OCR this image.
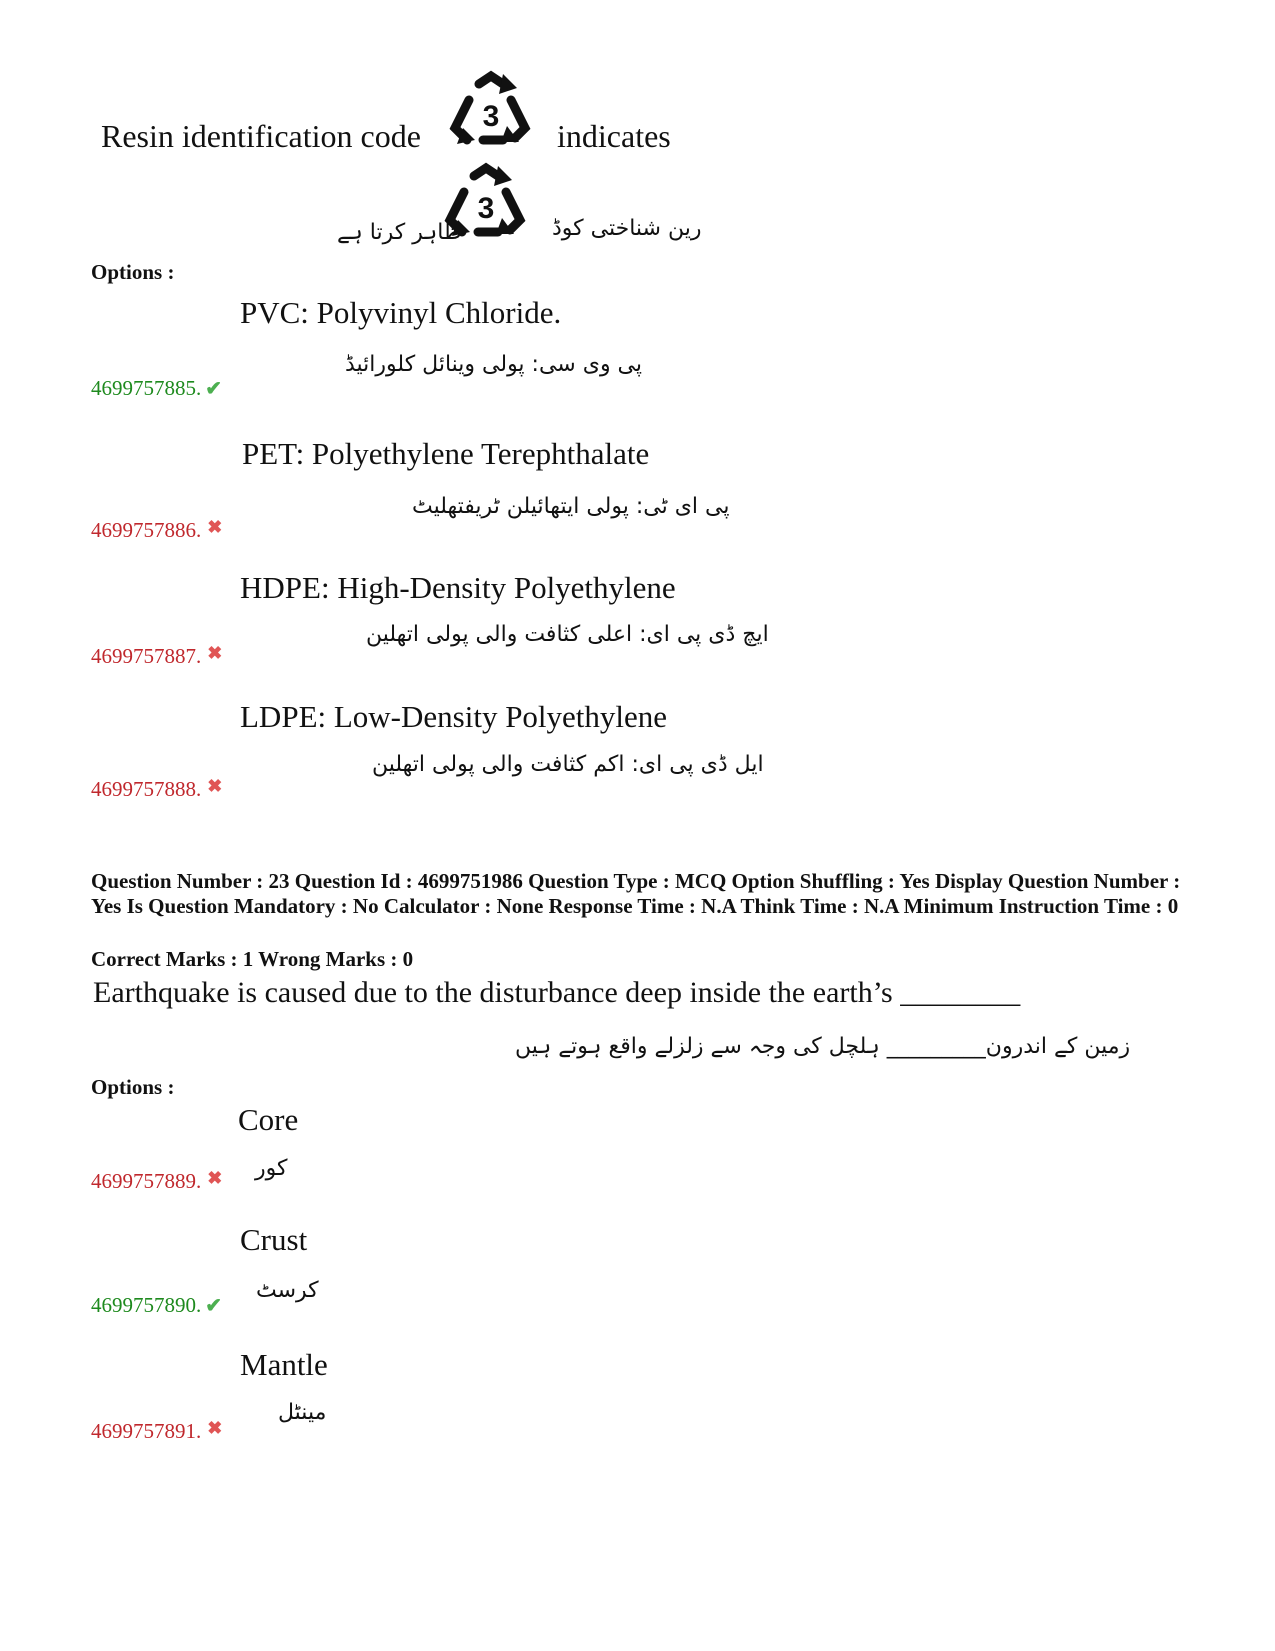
Resin identification code
3
indicates
رین شناختی کوڈ
3
ظاہر کرتا ہے
Options :
PVC: Polyvinyl Chloride.
پی وی سی: پولی وینائل کلورائیڈ
4699757885. ✔
PET: Polyethylene Terephthalate
پی ای ٹی: پولی ایتھائیلن ٹریفتھلیٹ
4699757886. ✖
HDPE: High-Density Polyethylene
ایچ ڈی پی ای: اعلی کثافت والی پولی اتھلین
4699757887. ✖
LDPE: Low-Density Polyethylene
ایل ڈی پی ای: اکم کثافت والی پولی اتھلین
4699757888. ✖
Question Number : 23 Question Id : 4699751986 Question Type : MCQ Option Shuffling : Yes Display Question Number : Yes Is Question Mandatory : No Calculator : None Response Time : N.A Think Time : N.A Minimum Instruction Time : 0
Correct Marks : 1 Wrong Marks : 0
Earthquake is caused due to the disturbance deep inside the earth’s ________
زمین کے اندرون_________ ہلچل کی وجہ سے زلزلے واقع ہوتے ہیں
Options :
Core
کور
4699757889. ✖
Crust
کرسٹ
4699757890. ✔
Mantle
مینٹل
4699757891. ✖
